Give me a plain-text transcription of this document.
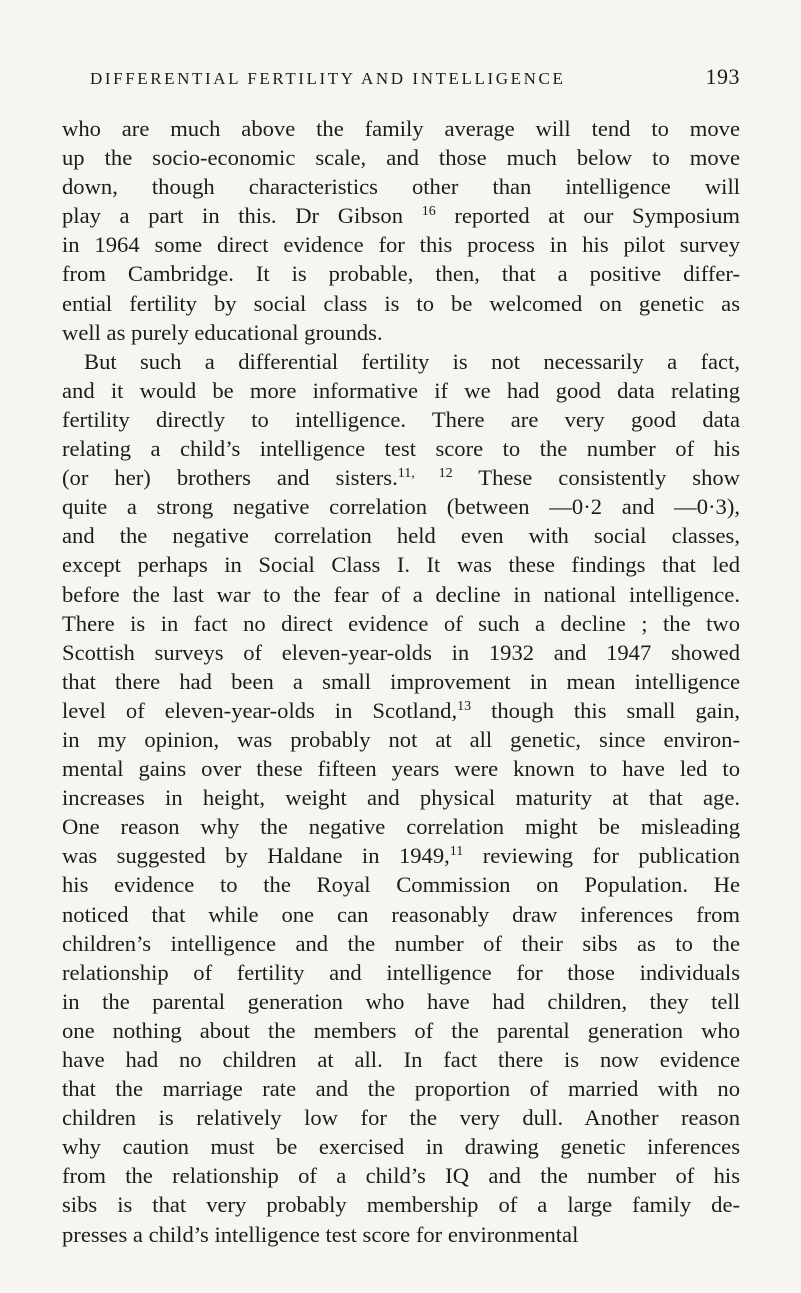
DIFFERENTIAL FERTILITY AND INTELLIGENCE	193

who are much above the family average will tend to move
up the socio-economic scale, and those much below to move
down, though characteristics other than intelligence will
play a part in this. Dr Gibson $^{16}$ reported at our Symposium
in 1964 some direct evidence for this process in his pilot survey
from Cambridge. It is probable, then, that a positive differ-
ential fertility by social class is to be welcomed on genetic as
well as purely educational grounds.

But such a differential fertility is not necessarily a fact,
and it would be more informative if we had good data relating
fertility directly to intelligence. There are very good data
relating a child’s intelligence test score to the number of his
(or her) brothers and sisters.$^{11, 12}$ These consistently show
quite a strong negative correlation (between —0·2 and —0·3),
and the negative correlation held even with social classes,
except perhaps in Social Class I. It was these findings that led
before the last war to the fear of a decline in national intelligence.
There is in fact no direct evidence of such a decline ; the two
Scottish surveys of eleven-year-olds in 1932 and 1947 showed
that there had been a small improvement in mean intelligence
level of eleven-year-olds in Scotland,$^{13}$ though this small gain,
in my opinion, was probably not at all genetic, since environ-
mental gains over these fifteen years were known to have led to
increases in height, weight and physical maturity at that age.
One reason why the negative correlation might be misleading
was suggested by Haldane in 1949,11 reviewing for publication
his evidence to the Royal Commission on Population. He
noticed that while one can reasonably draw inferences from
children’s intelligence and the number of their sibs as to the
relationship of fertility and intelligence for those individuals
in the parental generation who have had children, they tell
one nothing about the members of the parental generation who
have had no children at all. In fact there is now evidence
that the marriage rate and the proportion of married with no
children is relatively low for the very dull. Another reason
why caution must be exercised in drawing genetic inferences
from the relationship of a child’s IQ and the number of his
sibs is that very probably membership of a large family de-
presses a child’s intelligence test score for environmental
